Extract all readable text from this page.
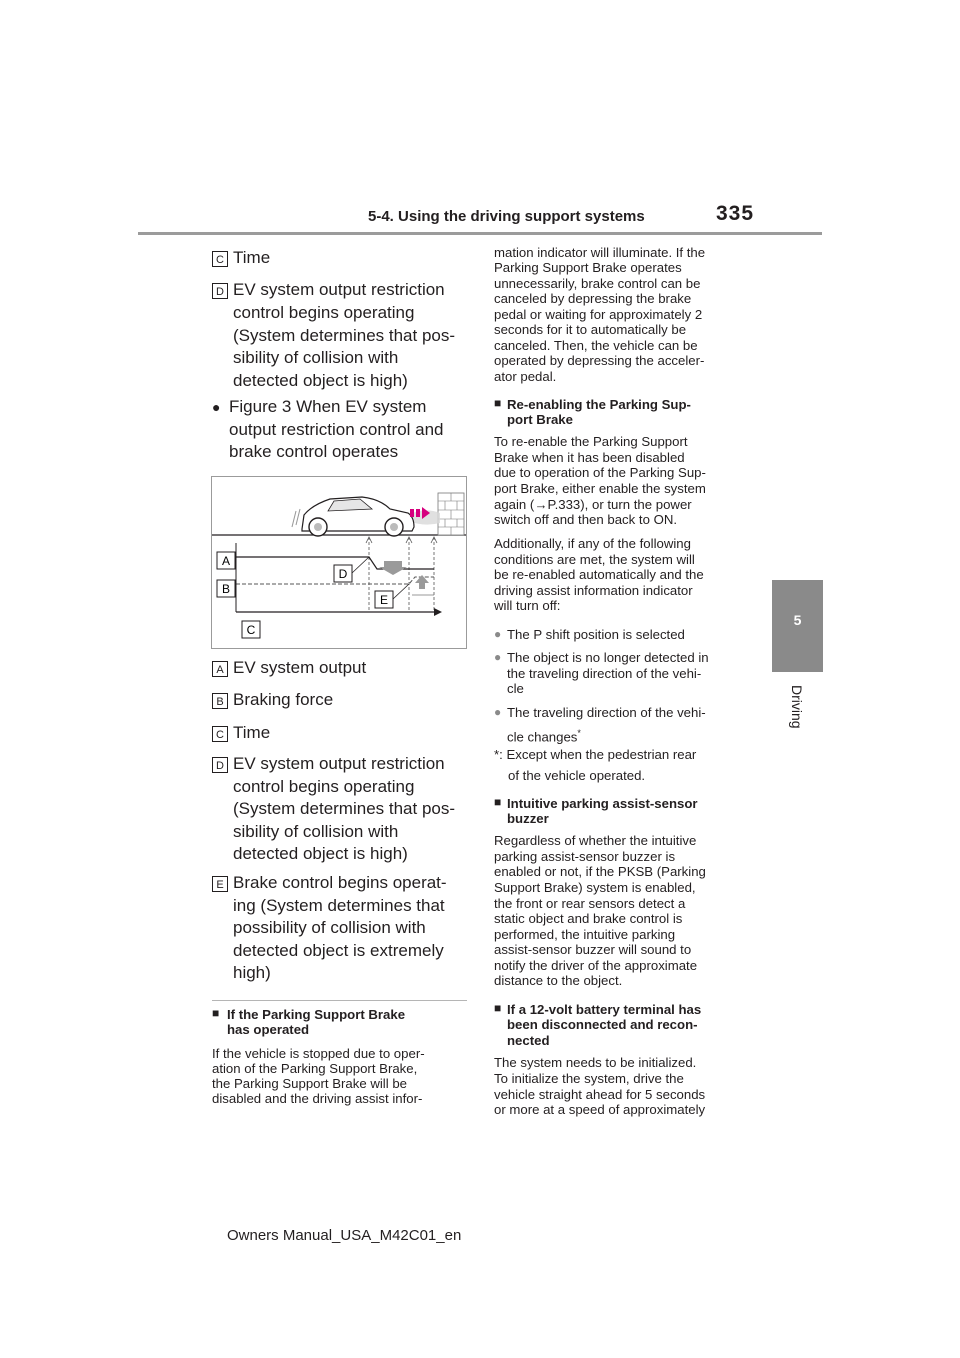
5-4. Using the driving support systems	335
5
Driving
C Time
D EV system output restriction
control begins operating
(System determines that pos-
sibility of collision with
detected object is high)
● Figure 3 When EV system
output restriction control and
brake control operates
A
B
C
D
E
A EV system output
B Braking force
C Time
D EV system output restriction
control begins operating
(System determines that pos-
sibility of collision with
detected object is high)
E Brake control begins operat-
ing (System determines that
possibility of collision with
detected object is extremely
high)
■ If the Parking Support Brake
has operated
If the vehicle is stopped due to oper-
ation of the Parking Support Brake,
the Parking Support Brake will be
disabled and the driving assist infor-
mation indicator will illuminate. If the
Parking Support Brake operates
unnecessarily, brake control can be
canceled by depressing the brake
pedal or waiting for approximately 2
seconds for it to automatically be
canceled. Then, the vehicle can be
operated by depressing the acceler-
ator pedal.
■ Re-enabling the Parking Sup-
port Brake
To re-enable the Parking Support
Brake when it has been disabled
due to operation of the Parking Sup-
port Brake, either enable the system
again (→P.333), or turn the power
switch off and then back to ON.
Additionally, if any of the following
conditions are met, the system will
be re-enabled automatically and the
driving assist information indicator
will turn off:
● The P shift position is selected
● The object is no longer detected in
the traveling direction of the vehi-
cle
● The traveling direction of the vehi-
cle changes*
*: Except when the pedestrian rear
of the vehicle operated.
■ Intuitive parking assist-sensor
buzzer
Regardless of whether the intuitive
parking assist-sensor buzzer is
enabled or not, if the PKSB (Parking
Support Brake) system is enabled,
the front or rear sensors detect a
static object and brake control is
performed, the intuitive parking
assist-sensor buzzer will sound to
notify the driver of the approximate
distance to the object.
■ If a 12-volt battery terminal has
been disconnected and recon-
nected
The system needs to be initialized.
To initialize the system, drive the
vehicle straight ahead for 5 seconds
or more at a speed of approximately
Owners Manual_USA_M42C01_en
